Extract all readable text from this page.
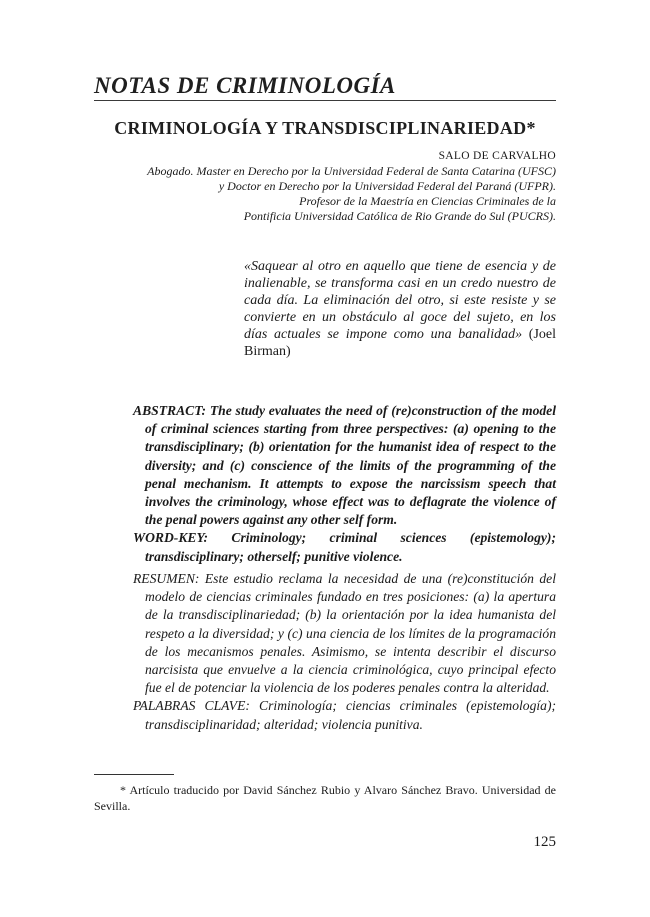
NOTAS DE CRIMINOLOGÍA
CRIMINOLOGÍA Y TRANSDISCIPLINARIEDAD*
SALO DE CARVALHO
Abogado. Master en Derecho por la Universidad Federal de Santa Catarina (UFSC)
y Doctor en Derecho por la Universidad Federal del Paraná (UFPR).
Profesor de la Maestría en Ciencias Criminales de la
Pontificia Universidad Católica de Rio Grande do Sul (PUCRS).
«Saquear al otro en aquello que tiene de esencia y de inalienable, se transforma casi en un credo nuestro de cada día. La eliminación del otro, si este resiste y se convierte en un obstáculo al goce del sujeto, en los días actuales se impone como una banalidad» (Joel Birman)

ABSTRACT: The study evaluates the need of (re)construction of the model of criminal sciences starting from three perspectives: (a) opening to the transdisciplinary; (b) orientation for the humanist idea of respect to the diversity; and (c) conscience of the limits of the programming of the penal mechanism. It attempts to expose the narcissism speech that involves the criminology, whose effect was to deflagrate the violence of the penal powers against any other self form.

WORD-KEY: Criminology; criminal sciences (epistemology); transdisciplinary; otherself; punitive violence.

RESUMEN: Este estudio reclama la necesidad de una (re)constitución del modelo de ciencias criminales fundado en tres posiciones: (a) la apertura de la transdisciplinariedad; (b) la orientación por la idea humanista del respeto a la diversidad; y (c) una ciencia de los límites de la programación de los mecanismos penales. Asimismo, se intenta describir el discurso narcisista que envuelve a la ciencia criminológica, cuyo principal efecto fue el de potenciar la violencia de los poderes penales contra la alteridad.

PALABRAS CLAVE: Criminología; ciencias criminales (epistemología); transdisciplinaridad; alteridad; violencia punitiva.

* Artículo traducido por David Sánchez Rubio y Alvaro Sánchez Bravo. Universidad de Sevilla.
125
